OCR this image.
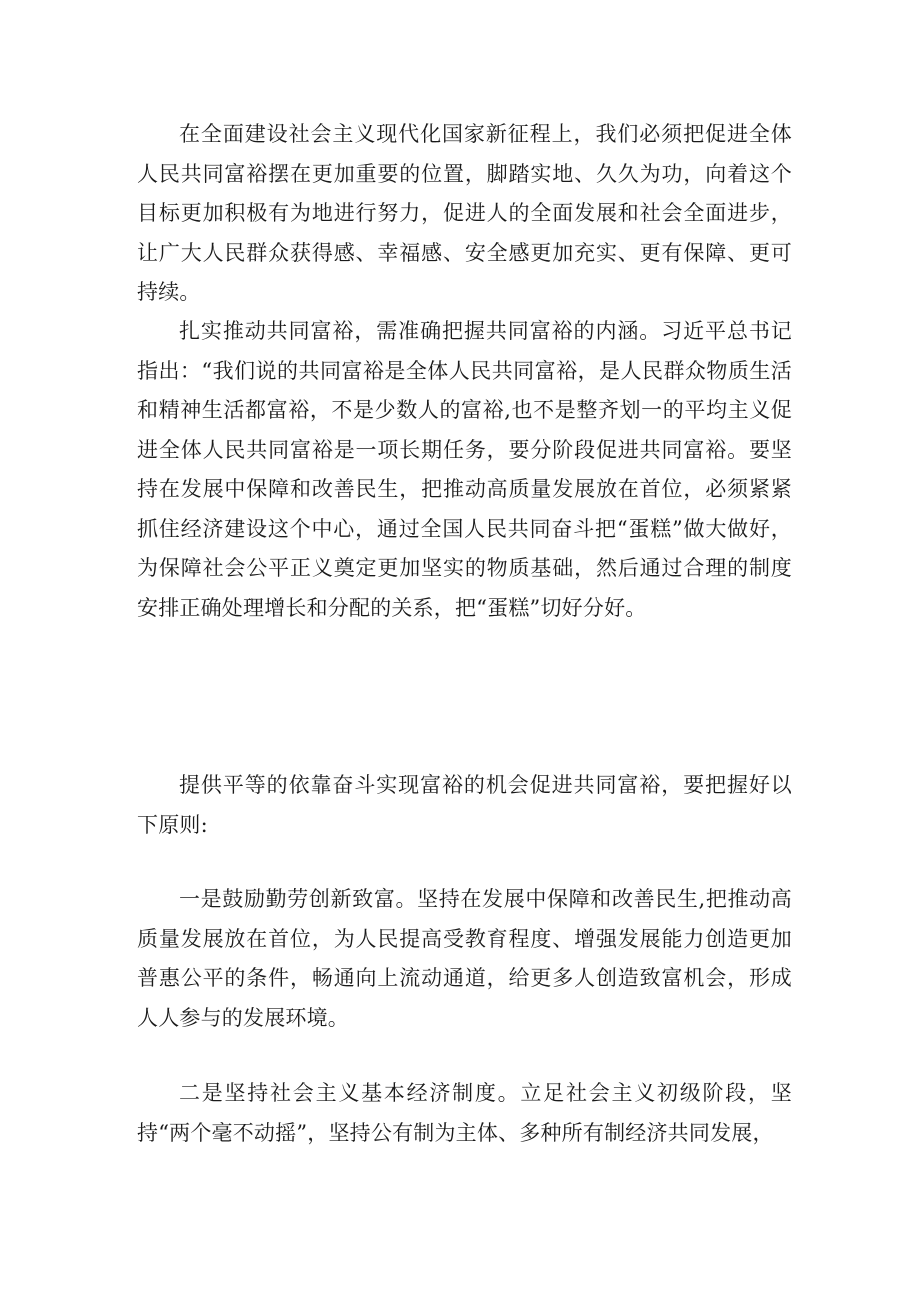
在全面建设社会主义现代化国家新征程上，我们必须把促进全体人民共同富裕摆在更加重要的位置，脚踏实地、久久为功，向着这个目标更加积极有为地进行努力，促进人的全面发展和社会全面进步，让广大人民群众获得感、幸福感、安全感更加充实、更有保障、更可持续。

扎实推动共同富裕，需准确把握共同富裕的内涵。习近平总书记指出：“我们说的共同富裕是全体人民共同富裕，是人民群众物质生活和精神生活都富裕，不是少数人的富裕,也不是整齐划一的平均主义促进全体人民共同富裕是一项长期任务，要分阶段促进共同富裕。要坚持在发展中保障和改善民生，把推动高质量发展放在首位，必须紧紧抓住经济建设这个中心，通过全国人民共同奋斗把“蛋糕”做大做好，为保障社会公平正义奠定更加坚实的物质基础，然后通过合理的制度安排正确处理增长和分配的关系，把“蛋糕”切好分好。

提供平等的依靠奋斗实现富裕的机会促进共同富裕，要把握好以下原则:

一是鼓励勤劳创新致富。坚持在发展中保障和改善民生,把推动高质量发展放在首位，为人民提高受教育程度、增强发展能力创造更加普惠公平的条件，畅通向上流动通道，给更多人创造致富机会，形成人人参与的发展环境。

二是坚持社会主义基本经济制度。立足社会主义初级阶段，坚持“两个毫不动摇”，坚持公有制为主体、多种所有制经济共同发展，
